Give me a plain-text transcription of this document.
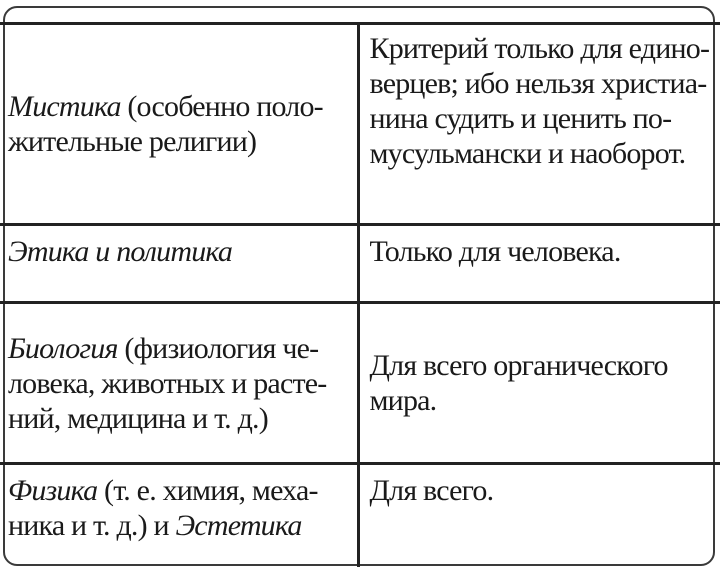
Мистика (особенно поло-
жительные религии)	Критерий только для едино-
верцев; ибо нельзя христиа-
нина судить и ценить по-
мусульмански и наоборот.
Этика и политика	Только для человека.
Биология (физиология че-
ловека, животных и расте-
ний, медицина и т. д.)	Для всего органического
мира.
Физика (т. е. химия, меха-
ника и т. д.) и Эстетика	Для всего.
